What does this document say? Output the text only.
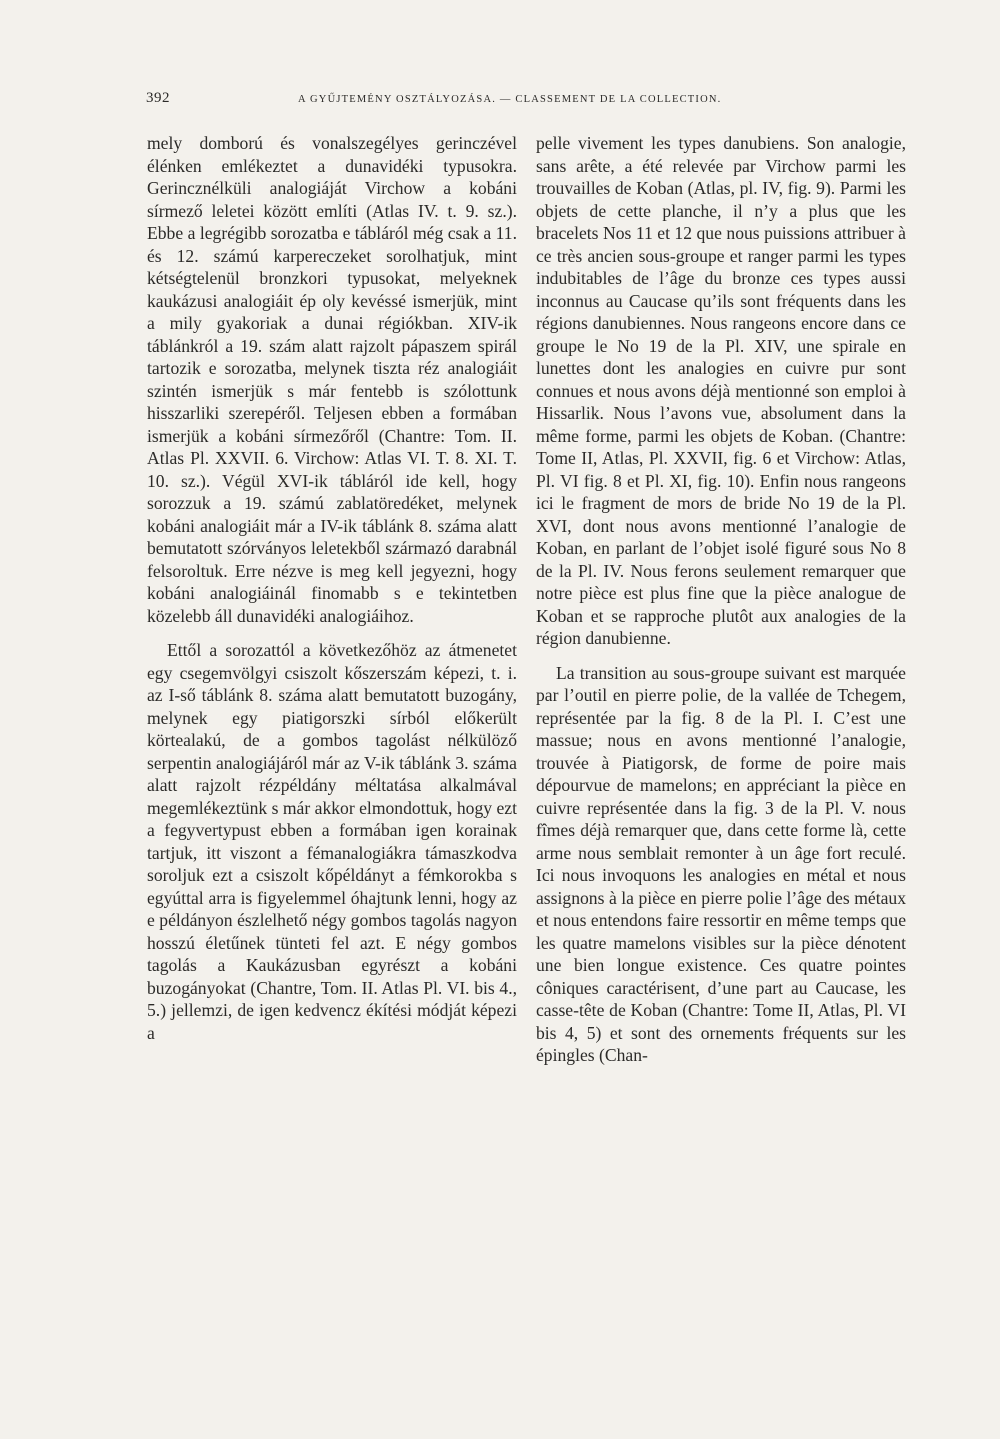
392	A GYŰJTEMÉNY OSZTÁLYOZÁSA. — CLASSEMENT DE LA COLLECTION.

mely domború és vonalszegélyes gerinczével élénken emlékeztet a dunavidéki typusokra. Gerincznélküli analogiáját Virchow a kobáni sírmező leletei között említi (Atlas IV. t. 9. sz.). Ebbe a legrégibb sorozatba e tábláról még csak a 11. és 12. számú karpereczeket sorolhatjuk, mint kétségtelenül bronzkori typusokat, melyeknek kaukázusi analogiáit ép oly kevéssé ismerjük, mint a mily gyakoriak a dunai régiókban. XIV-ik táblánkról a 19. szám alatt rajzolt pápaszem spirál tartozik e sorozatba, melynek tiszta réz analogiáit szintén ismerjük s már fentebb is szólottunk hisszarliki szerepéről. Teljesen ebben a formában ismerjük a kobáni sírmezőről (Chantre: Tom. II. Atlas Pl. XXVII. 6. Virchow: Atlas VI. T. 8. XI. T. 10. sz.). Végül XVI-ik tábláról ide kell, hogy sorozzuk a 19. számú zablatöredéket, melynek kobáni analogiáit már a IV-ik táblánk 8. száma alatt bemutatott szórványos leletekből származó darabnál felsoroltuk. Erre nézve is meg kell jegyezni, hogy kobáni analogiáinál finomabb s e tekintetben közelebb áll dunavidéki analogiáihoz.

Ettől a sorozattól a következőhöz az átmenetet egy csegemvölgyi csiszolt kőszerszám képezi, t. i. az I-ső táblánk 8. száma alatt bemutatott buzogány, melynek egy piatigorszki sírból előkerült körtealakú, de a gombos tagolást nélkülöző serpentin analogiájáról már az V-ik táblánk 3. száma alatt rajzolt rézpéldány méltatása alkalmával megemlékeztünk s már akkor elmondottuk, hogy ezt a fegyvertypust ebben a formában igen korainak tartjuk, itt viszont a fémanalogiákra támaszkodva soroljuk ezt a csiszolt kőpéldányt a fémkorokba s egyúttal arra is figyelemmel óhajtunk lenni, hogy az e példányon észlelhető négy gombos tagolás nagyon hosszú életűnek tünteti fel azt. E négy gombos tagolás a Kaukázusban egyrészt a kobáni buzogányokat (Chantre, Tom. II. Atlas Pl. VI. bis 4., 5.) jellemzi, de igen kedvencz ékítési módját képezi a

pelle vivement les types danubiens. Son analogie, sans arête, a été relevée par Virchow parmi les trouvailles de Koban (Atlas, pl. IV, fig. 9). Parmi les objets de cette planche, il n’y a plus que les bracelets Nos 11 et 12 que nous puissions attribuer à ce très ancien sous-groupe et ranger parmi les types indubitables de l’âge du bronze ces types aussi inconnus au Caucase qu’ils sont fréquents dans les régions danubiennes. Nous rangeons encore dans ce groupe le No 19 de la Pl. XIV, une spirale en lunettes dont les analogies en cuivre pur sont connues et nous avons déjà mentionné son emploi à Hissarlik. Nous l’avons vue, absolument dans la même forme, parmi les objets de Koban. (Chantre: Tome II, Atlas, Pl. XXVII, fig. 6 et Virchow: Atlas, Pl. VI fig. 8 et Pl. XI, fig. 10). Enfin nous rangeons ici le fragment de mors de bride No 19 de la Pl. XVI, dont nous avons mentionné l’analogie de Koban, en parlant de l’objet isolé figuré sous No 8 de la Pl. IV. Nous ferons seulement remarquer que notre pièce est plus fine que la pièce analogue de Koban et se rapproche plutôt aux analogies de la région danubienne.

La transition au sous-groupe suivant est marquée par l’outil en pierre polie, de la vallée de Tchegem, représentée par la fig. 8 de la Pl. I. C’est une massue; nous en avons mentionné l’analogie, trouvée à Piatigorsk, de forme de poire mais dépourvue de mamelons; en appréciant la pièce en cuivre représentée dans la fig. 3 de la Pl. V. nous fîmes déjà remarquer que, dans cette forme là, cette arme nous semblait remonter à un âge fort reculé. Ici nous invoquons les analogies en métal et nous assignons à la pièce en pierre polie l’âge des métaux et nous entendons faire ressortir en même temps que les quatre mamelons visibles sur la pièce dénotent une bien longue existence. Ces quatre pointes côniques caractérisent, d’une part au Caucase, les casse-tête de Koban (Chantre: Tome II, Atlas, Pl. VI bis 4, 5) et sont des ornements fréquents sur les épingles (Chan-
